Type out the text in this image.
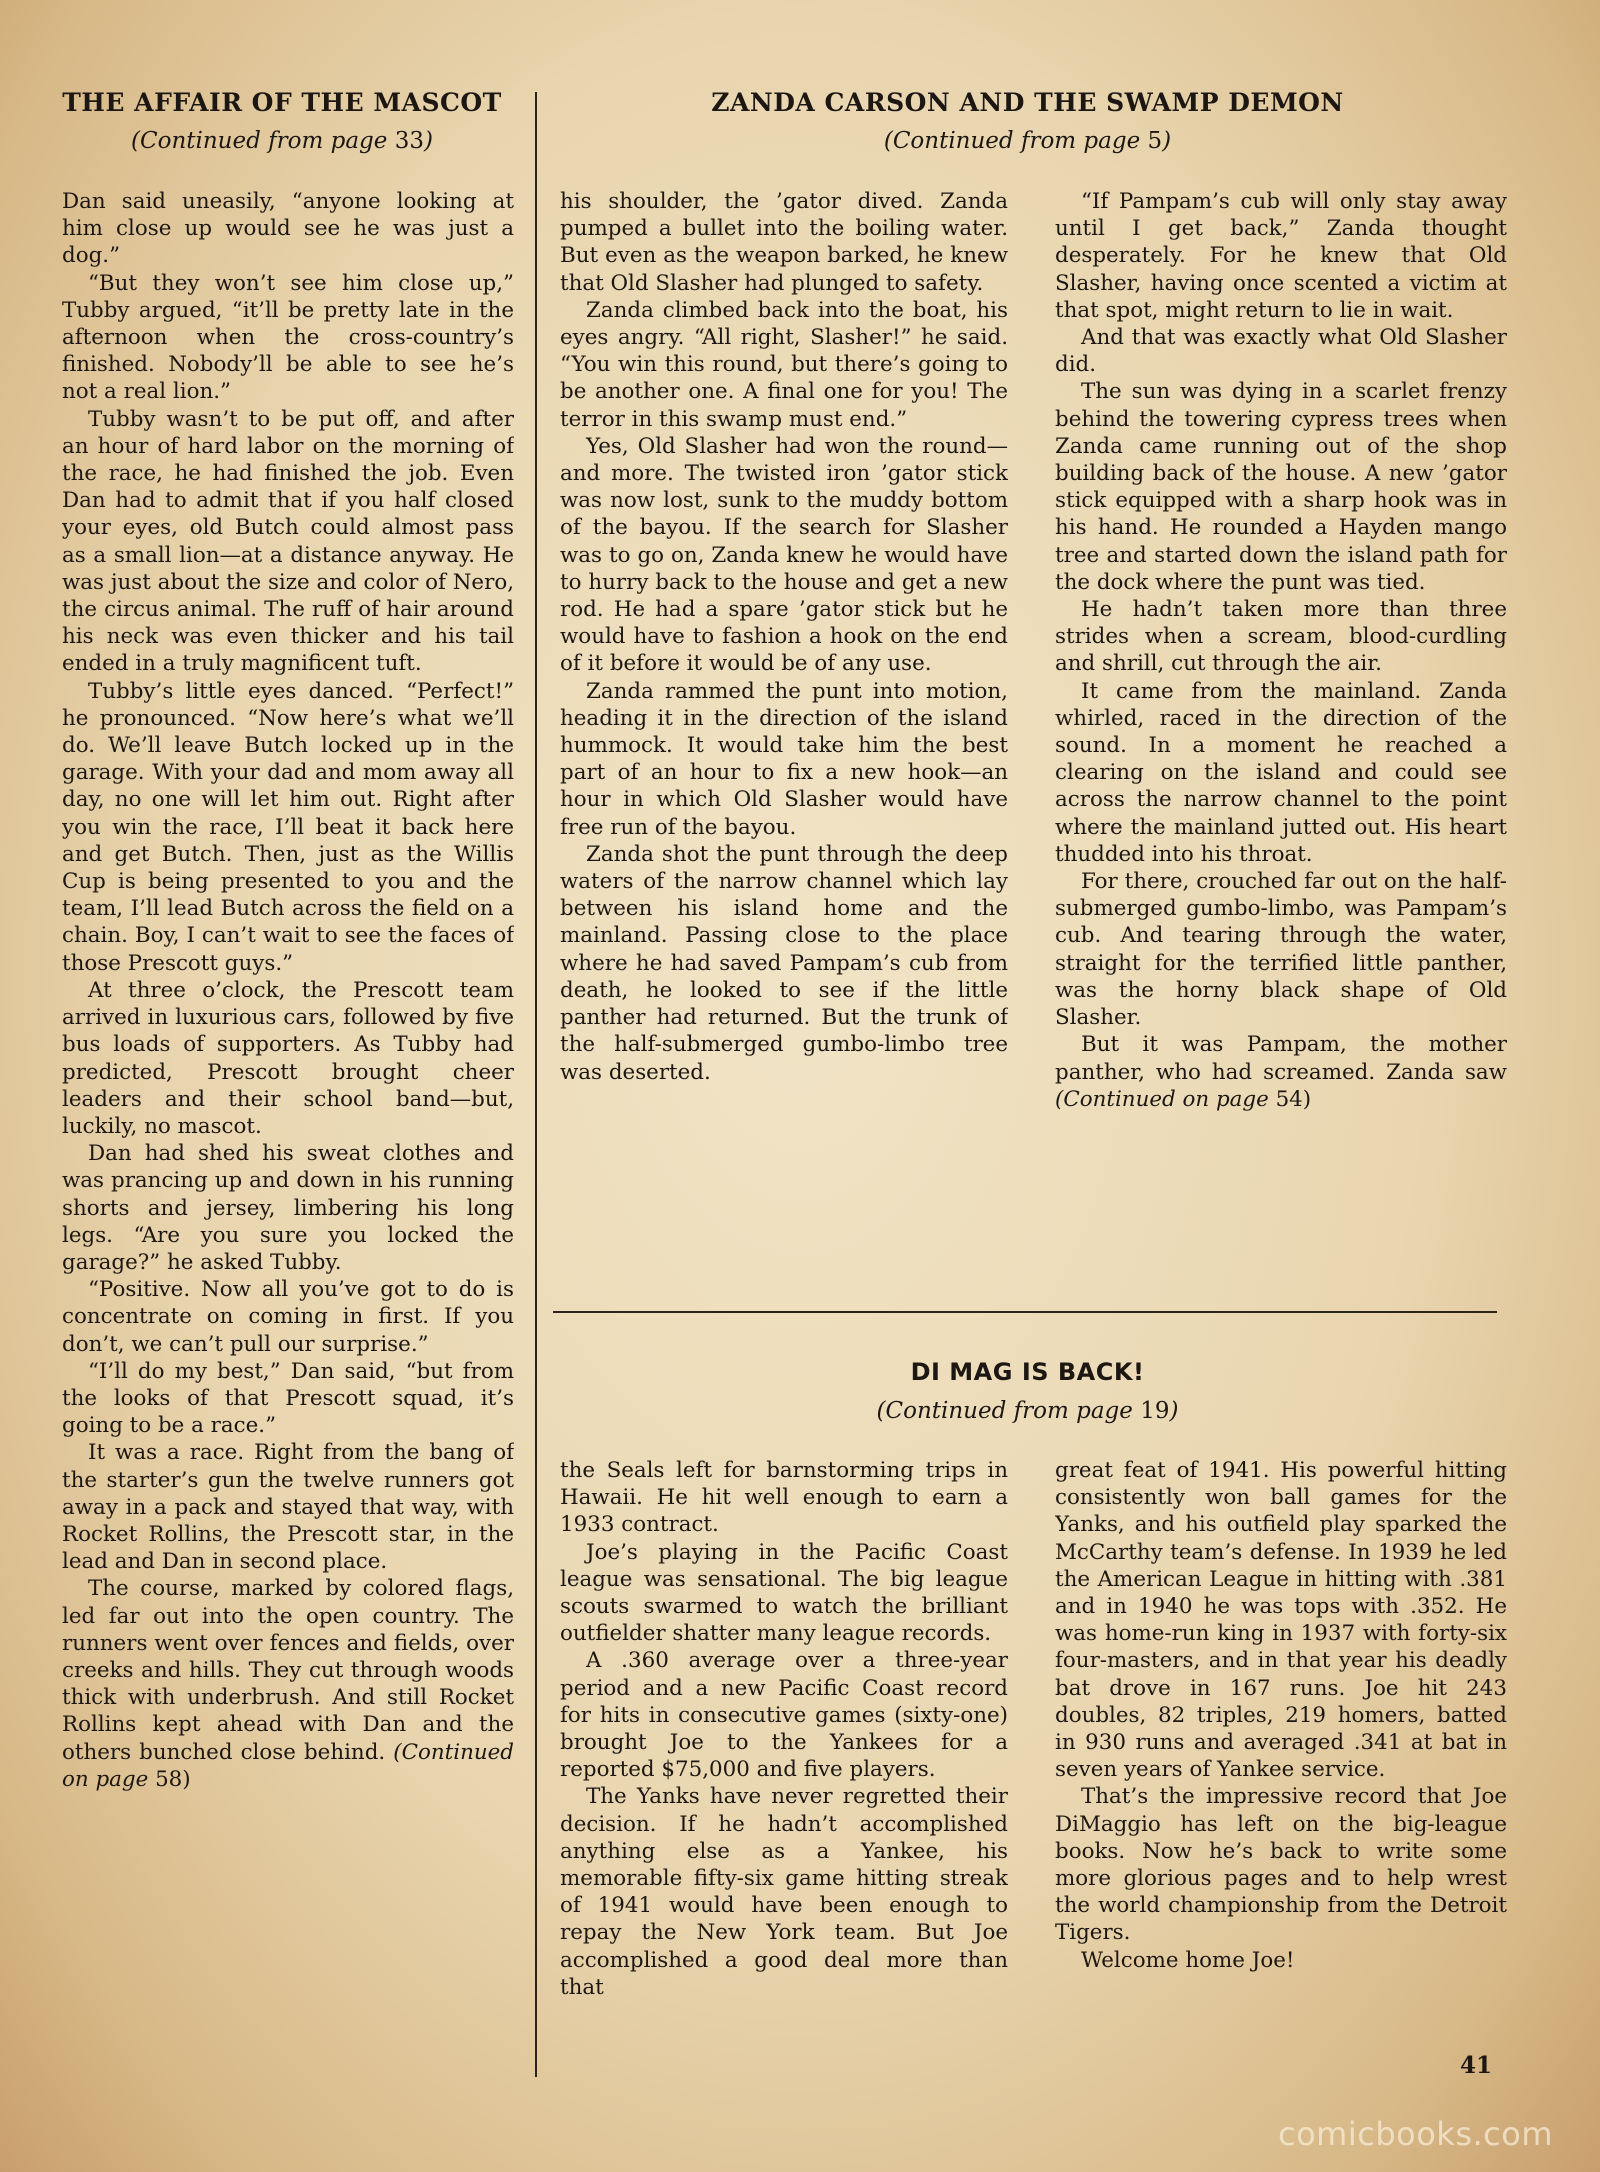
THE AFFAIR OF THE MASCOT
(Continued from page 33)

Dan said uneasily, “anyone looking at him close up would see he was just a dog.”

“But they won’t see him close up,” Tubby argued, “it’ll be pretty late in the afternoon when the cross-country’s finished. Nobody’ll be able to see he’s not a real lion.”

Tubby wasn’t to be put off, and after an hour of hard labor on the morning of the race, he had finished the job. Even Dan had to admit that if you half closed your eyes, old Butch could almost pass as a small lion—at a distance anyway. He was just about the size and color of Nero, the circus animal. The ruff of hair around his neck was even thicker and his tail ended in a truly magnificent tuft.

Tubby’s little eyes danced. “Perfect!” he pronounced. “Now here’s what we’ll do. We’ll leave Butch locked up in the garage. With your dad and mom away all day, no one will let him out. Right after you win the race, I’ll beat it back here and get Butch. Then, just as the Willis Cup is being presented to you and the team, I’ll lead Butch across the field on a chain. Boy, I can’t wait to see the faces of those Prescott guys.”

At three o’clock, the Prescott team arrived in luxurious cars, followed by five bus loads of supporters. As Tubby had predicted, Prescott brought cheer leaders and their school band—but, luckily, no mascot.

Dan had shed his sweat clothes and was prancing up and down in his running shorts and jersey, limbering his long legs. “Are you sure you locked the garage?” he asked Tubby.

“Positive. Now all you’ve got to do is concentrate on coming in first. If you don’t, we can’t pull our surprise.”

“I’ll do my best,” Dan said, “but from the looks of that Prescott squad, it’s going to be a race.”

It was a race. Right from the bang of the starter’s gun the twelve runners got away in a pack and stayed that way, with Rocket Rollins, the Prescott star, in the lead and Dan in second place.

The course, marked by colored flags, led far out into the open country. The runners went over fences and fields, over creeks and hills. They cut through woods thick with underbrush. And still Rocket Rollins kept ahead with Dan and the others bunched close behind. (Continued on page 58)

ZANDA CARSON AND THE SWAMP DEMON
(Continued from page 5)

his shoulder, the ’gator dived. Zanda pumped a bullet into the boiling water. But even as the weapon barked, he knew that Old Slasher had plunged to safety.

Zanda climbed back into the boat, his eyes angry. “All right, Slasher!” he said. “You win this round, but there’s going to be another one. A final one for you! The terror in this swamp must end.”

Yes, Old Slasher had won the round—and more. The twisted iron ’gator stick was now lost, sunk to the muddy bottom of the bayou. If the search for Slasher was to go on, Zanda knew he would have to hurry back to the house and get a new rod. He had a spare ’gator stick but he would have to fashion a hook on the end of it before it would be of any use.

Zanda rammed the punt into motion, heading it in the direction of the island hummock. It would take him the best part of an hour to fix a new hook—an hour in which Old Slasher would have free run of the bayou.

Zanda shot the punt through the deep waters of the narrow channel which lay between his island home and the mainland. Passing close to the place where he had saved Pampam’s cub from death, he looked to see if the little panther had returned. But the trunk of the half-submerged gumbo-limbo tree was deserted.

“If Pampam’s cub will only stay away until I get back,” Zanda thought desperately. For he knew that Old Slasher, having once scented a victim at that spot, might return to lie in wait.

And that was exactly what Old Slasher did.

The sun was dying in a scarlet frenzy behind the towering cypress trees when Zanda came running out of the shop building back of the house. A new ’gator stick equipped with a sharp hook was in his hand. He rounded a Hayden mango tree and started down the island path for the dock where the punt was tied.

He hadn’t taken more than three strides when a scream, blood-curdling and shrill, cut through the air.

It came from the mainland. Zanda whirled, raced in the direction of the sound. In a moment he reached a clearing on the island and could see across the narrow channel to the point where the mainland jutted out. His heart thudded into his throat.

For there, crouched far out on the half-submerged gumbo-limbo, was Pampam’s cub. And tearing through the water, straight for the terrified little panther, was the horny black shape of Old Slasher.

But it was Pampam, the mother panther, who had screamed. Zanda saw (Continued on page 54)

DI MAG IS BACK!
(Continued from page 19)

the Seals left for barnstorming trips in Hawaii. He hit well enough to earn a 1933 contract.

Joe’s playing in the Pacific Coast league was sensational. The big league scouts swarmed to watch the brilliant outfielder shatter many league records.

A .360 average over a three-year period and a new Pacific Coast record for hits in consecutive games (sixty-one) brought Joe to the Yankees for a reported $75,000 and five players.

The Yanks have never regretted their decision. If he hadn’t accomplished anything else as a Yankee, his memorable fifty-six game hitting streak of 1941 would have been enough to repay the New York team. But Joe accomplished a good deal more than that

great feat of 1941. His powerful hitting consistently won ball games for the Yanks, and his outfield play sparked the McCarthy team’s defense. In 1939 he led the American League in hitting with .381 and in 1940 he was tops with .352. He was home-run king in 1937 with forty-six four-masters, and in that year his deadly bat drove in 167 runs. Joe hit 243 doubles, 82 triples, 219 homers, batted in 930 runs and averaged .341 at bat in seven years of Yankee service.

That’s the impressive record that Joe DiMaggio has left on the big-league books. Now he’s back to write some more glorious pages and to help wrest the world championship from the Detroit Tigers.

Welcome home Joe!

41
comicbooks.com
